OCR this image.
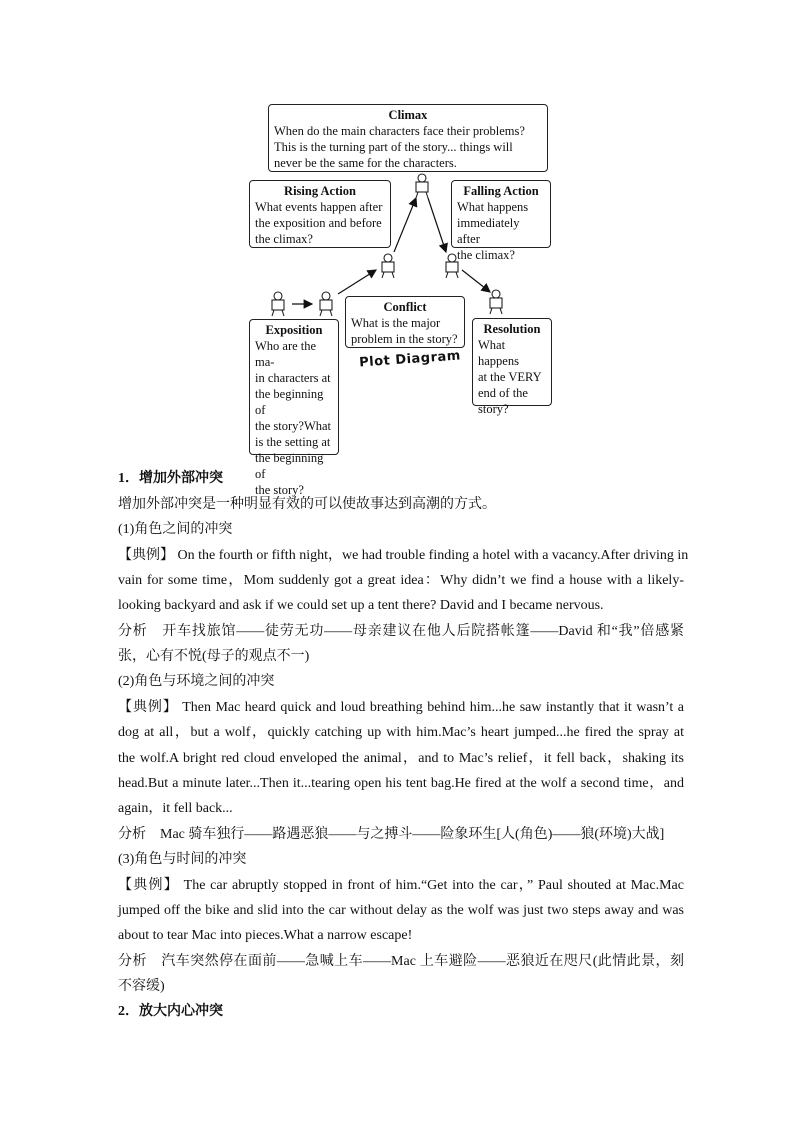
Climax
When do the main characters face their problems?
This is the turning part of the story... things will
never be the same for the characters.
Rising Action
What events happen after
the exposition and before
the climax?
Falling Action
What happens
immediately after
the climax?
Conflict
What is the major
problem in the story?
Exposition
Who are the ma-
in characters at
the beginning of
the story?What
is the setting at
the beginning of
the story?
Resolution
What happens
at the VERY
end of the
story?
Plot Diagram
1．增加外部冲突
增加外部冲突是一种明显有效的可以使故事达到高潮的方式。
(1)角色之间的冲突
【典例】 On the fourth or fifth night，we had trouble finding a hotel with a vacancy.After driving in
vain for some time，Mom suddenly got a great idea：Why didn’t we find a house with a likely-
looking backyard and ask if we could set up a tent there? David and I became nervous.
分析　开车找旅馆——徒劳无功——母亲建议在他人后院搭帐篷——David 和“我”倍感紧
张，心有不悦(母子的观点不一)
(2)角色与环境之间的冲突
【典例】 Then Mac heard quick and loud breathing behind him...he saw instantly that it wasn’t a
dog at all，but a wolf，quickly catching up with him.Mac’s heart jumped...he fired the spray at
the wolf.A bright red cloud enveloped the animal，and to Mac’s relief，it fell back，shaking its
head.But a minute later...Then it...tearing open his tent bag.He fired at the wolf a second time，and
again，it fell back...
分析　Mac 骑车独行——路遇恶狼——与之搏斗——险象环生[人(角色)——狼(环境)大战]
(3)角色与时间的冲突
【典例】 The car abruptly stopped in front of him.“Get into the car，” Paul shouted at Mac.Mac
jumped off the bike and slid into the car without delay as the wolf was just two steps away and was
about to tear Mac into pieces.What a narrow escape!
分析　汽车突然停在面前——急喊上车——Mac 上车避险——恶狼近在咫尺(此情此景，刻
不容缓)
2．放大内心冲突
